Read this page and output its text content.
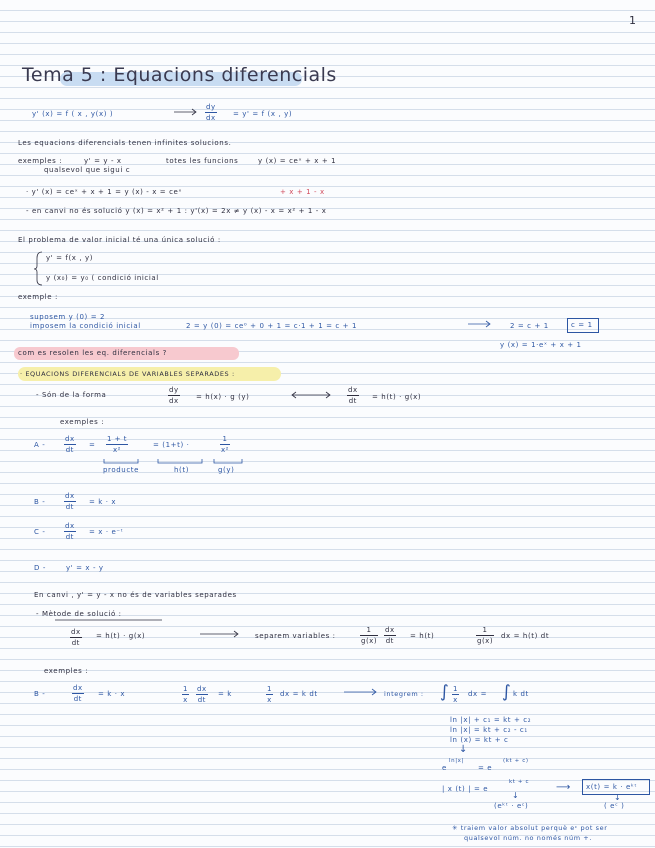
1
Tema 5 : Equacions diferencials
y' (x) = f ( x , y(x) )
dy
dx = y' = f (x , y)
Les equacions diferencials tenen infinites solucions.
exemples :
qualsevol que sigui c
y' = y - x	totes les funcions	y (x) = ceˣ + x + 1
· y' (x) = ceˣ + x + 1 = y (x) - x = ceˣ	+ x + 1 - x
- en canvi no és solució y (x) = x² + 1 : y'(x) = 2x ≠ y (x) - x = x² + 1 - x
El problema de valor inicial té una única solució :
y' = f(x , y)
y (x₀) = y₀ ( condició inicial
exemple :
suposem y (0) = 2
imposem la condició inicial	2 = y (0) = ce⁰ + 0 + 1 = c·1 + 1 = c + 1	2 = c + 1	c = 1
y (x) = 1·eˣ + x + 1
com es resolen les eq. diferencials ?
· EQUACIONS DIFERENCIALS DE VARIABLES SEPARADES :
- Són de la forma
dy
dx = h(x) · g (y)
dx
dt = h(t) · g(x)
exemples :
A -
dx
dt
=
1 + t
x²
= (1+t) ·
1
x²
producte	h(t)	g(y)
B -
dx
dt
= k · x
C -
dx
dt
= x · e⁻ᵗ
D -	y' = x - y
En canvi , y' = y - x no és de variables separades
- Mètode de solució :
dx
dt
= h(t) · g(x)	separem variables :
1
g(x)
dx
dt
= h(t)
1
g(x)
dx = h(t) dt
exemples :
B -
dx
dt
= k · x
1
x
dx
dt
= k
1
x
dx = k dt	integrem : ∫ 1
x
dx = ∫ k dt
ln |x| + c₁ = kt + c₂
ln |x| = kt + c₂ - c₁
ln (x) = kt + c
↓
e
ln|x|
= e
(kt + c)
| x (t) | = e
kt + c
↓
(eᵏᵗ · eᶜ)
⟶ x(t) = k · eᵏᵗ
↓
( eᶜ )
✳ traiem valor absolut perquè eᶜ pot ser
qualsevol núm. no només núm +.
